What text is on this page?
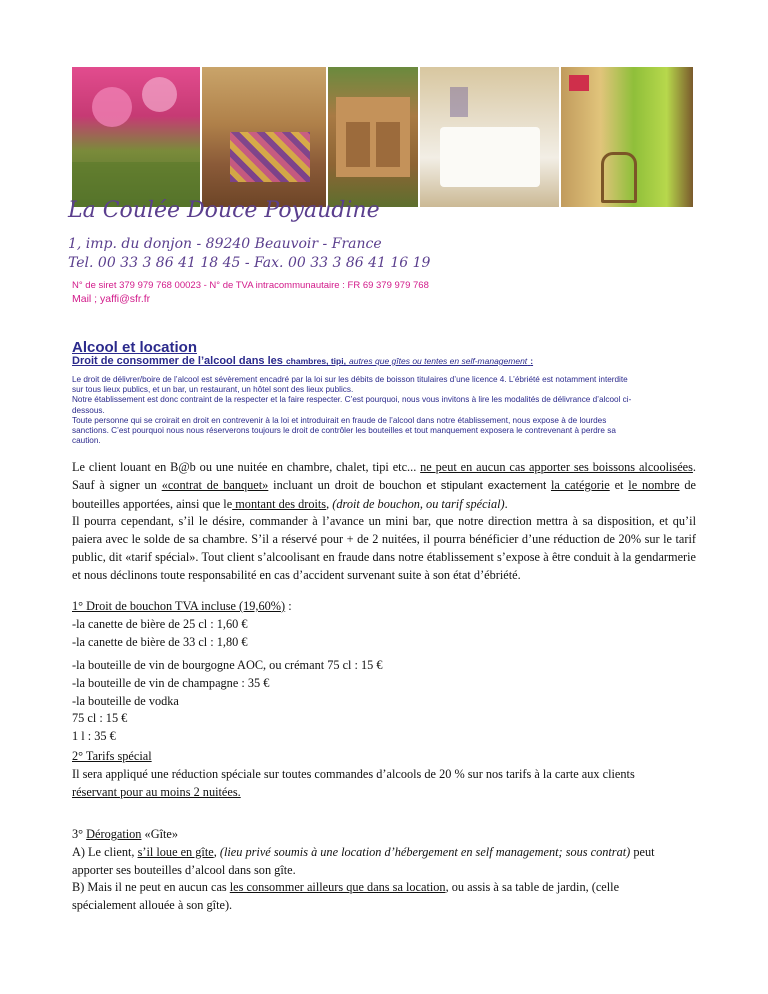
La Coulée Douce Poyaudine
1, imp. du donjon - 89240 Beauvoir - France
Tel. 00 33 3 86 41 18 45 - Fax. 00 33 3 86 41 16 19
N° de siret 379 979 768 00023 - N° de TVA intracommunautaire : FR 69 379 979 768
Mail ; yaffi@sfr.fr
Alcool et location
Droit de consommer de l’alcool dans les chambres, tipi, autres que gîtes ou tentes en self-management :
Le droit de délivrer/boire de l’alcool est sévèrement encadré par la loi sur les débits de boisson titulaires d’une licence 4. L’ébriété est notamment interdite
sur tous lieux publics, et un bar, un restaurant, un hôtel sont des lieux publics.
Notre établissement est donc contraint de la respecter et la faire respecter. C’est pourquoi, nous vous invitons à lire les modalités de délivrance d’alcool ci-
dessous.
Toute personne qui se croirait en droit en contrevenir à la loi et introduirait en fraude de l’alcool dans notre établissement, nous expose à de lourdes
sanctions. C’est pourquoi nous nous réserverons toujours le droit de contrôler les bouteilles et tout manquement exposera le contrevenant à perdre sa
caution.
Le client louant en B@b ou une nuitée en chambre, chalet, tipi etc... ne peut en aucun cas apporter ses boissons alcoolisées. Sauf à signer un «contrat de banquet» incluant un droit de bouchon et stipulant exactement la catégorie et le nombre de bouteilles apportées, ainsi que le montant des droits, (droit de bouchon, ou tarif spécial).
Il pourra cependant, s’il le désire, commander à l’avance un mini bar, que notre direction mettra à sa disposition, et qu’il paiera avec le solde de sa chambre. S’il a réservé pour + de 2 nuitées, il pourra bénéficier d’une réduction de 20% sur le tarif public, dit «tarif spécial». Tout client s’alcoolisant en fraude dans notre établissement s’expose à être conduit à la gendarmerie et nous déclinons toute responsabilité en cas d’accident survenant suite à son état d’ébriété.
1° Droit de bouchon TVA incluse (19,60%) :
-la canette de bière de 25 cl : 1,60 €
-la canette de bière de 33 cl : 1,80 €
-la bouteille de vin de bourgogne AOC, ou crémant 75 cl : 15 €
-la bouteille de vin de champagne : 35 €
-la bouteille de vodka
75 cl : 15 €
1 l : 35 €
2° Tarifs spécial
Il sera appliqué une réduction spéciale sur toutes commandes d’alcools de 20 % sur nos tarifs à la carte aux clients
réservant pour au moins 2 nuitées.
3° Dérogation «Gîte»
A) Le client, s’il loue en gîte, (lieu privé soumis à une location d’hébergement en self management; sous contrat) peut
apporter ses bouteilles d’alcool dans son gîte.
B) Mais il ne peut en aucun cas les consommer ailleurs que dans sa location, ou assis à sa table de jardin, (celle
spécialement allouée à son gîte).
